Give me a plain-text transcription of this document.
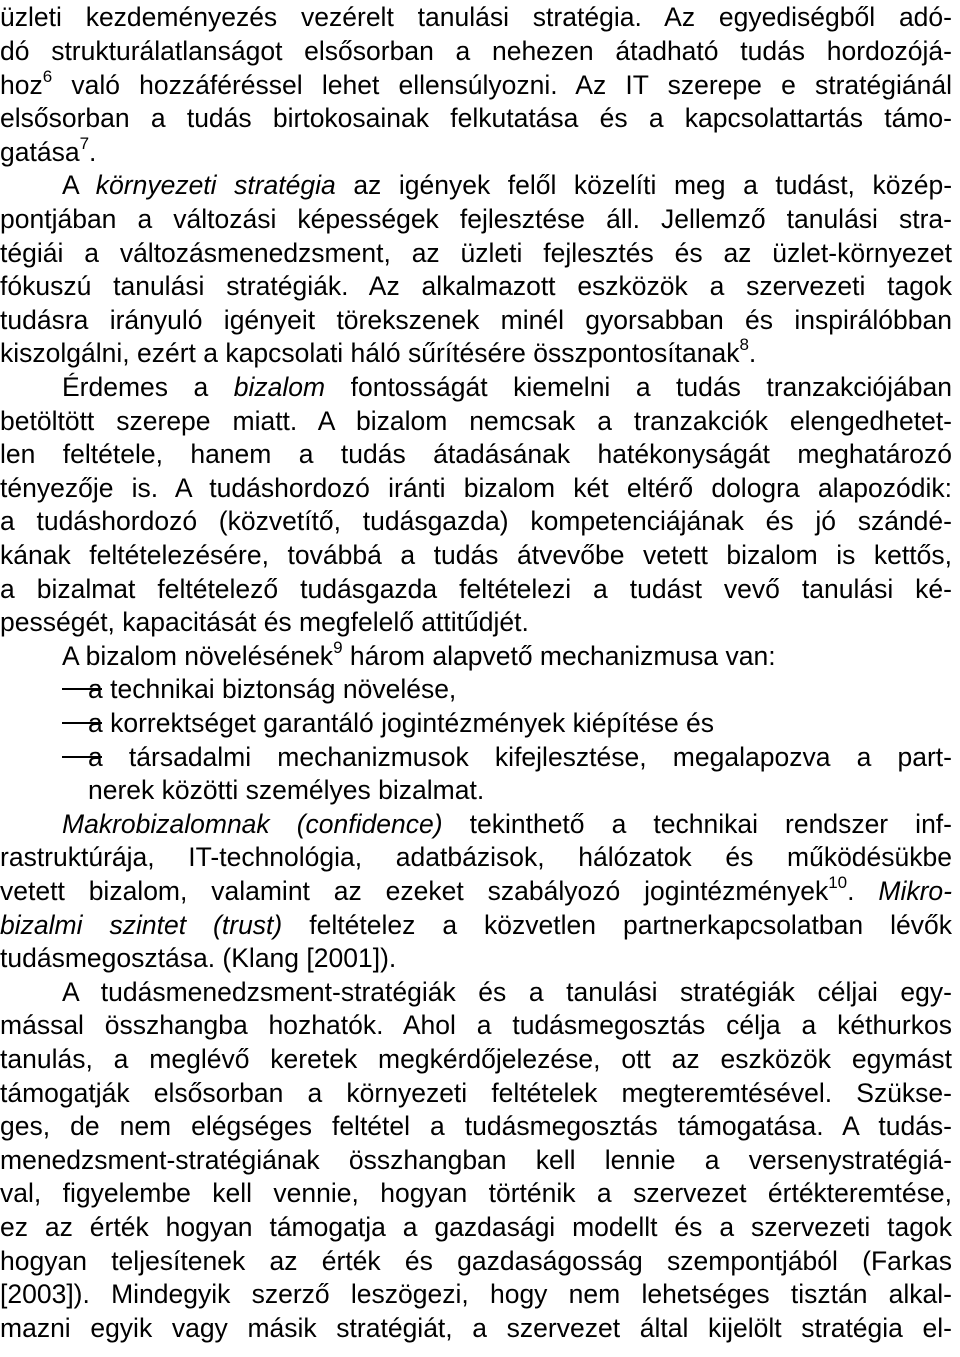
üzleti kezdeményezés vezérelt tanulási stratégia. Az egyediségből adó-
dó strukturálatlanságot elsősorban a nehezen átadható tudás hordozójá-
hoz$^6$ való hozzáféréssel lehet ellensúlyozni. Az IT szerepe e stratégiánál
elsősorban a tudás birtokosainak felkutatása és a kapcsolattartás támo-
gatása$^7$.
A környezeti stratégia az igények felől közelíti meg a tudást, közép-
pontjában a változási képességek fejlesztése áll. Jellemző tanulási stra-
tégiái a változásmenedzsment, az üzleti fejlesztés és az üzlet-környezet
fókuszú tanulási stratégiák. Az alkalmazott eszközök a szervezeti tagok
tudásra irányuló igényeit törekszenek minél gyorsabban és inspirálóbban
kiszolgálni, ezért a kapcsolati háló sűrítésére összpontosítanak$^8$.
Érdemes a bizalom fontosságát kiemelni a tudás tranzakciójában
betöltött szerepe miatt. A bizalom nemcsak a tranzakciók elengedhetet-
len feltétele, hanem a tudás átadásának hatékonyságát meghatározó
tényezője is. A tudáshordozó iránti bizalom két eltérő dologra alapozódik:
a tudáshordozó (közvetítő, tudásgazda) kompetenciájának és jó szándé-
kának feltételezésére, továbbá a tudás átvevőbe vetett bizalom is kettős,
a bizalmat feltételező tudásgazda feltételezi a tudást vevő tanulási ké-
pességét, kapacitását és megfelelő attitűdjét.
A bizalom növelésének$^9$ három alapvető mechanizmusa van:
a technikai biztonság növelése,
a korrektséget garantáló jogintézmények kiépítése és
a társadalmi mechanizmusok kifejlesztése, megalapozva a part-
nerek közötti személyes bizalmat.
Makrobizalomnak (confidence) tekinthető a technikai rendszer inf-
rastruktúrája, IT-technológia, adatbázisok, hálózatok és működésükbe
vetett bizalom, valamint az ezeket szabályozó jogintézmények$^{10}$. Mikro-
bizalmi szintet (trust) feltételez a közvetlen partnerkapcsolatban lévők
tudásmegosztása. (Klang [2001]).
A tudásmenedzsment-stratégiák és a tanulási stratégiák céljai egy-
mással összhangba hozhatók. Ahol a tudásmegosztás célja a kéthurkos
tanulás, a meglévő keretek megkérdőjelezése, ott az eszközök egymást
támogatják elsősorban a környezeti feltételek megteremtésével. Szükse-
ges, de nem elégséges feltétel a tudásmegosztás támogatása. A tudás-
menedzsment-stratégiának összhangban kell lennie a versenystratégiá-
val, figyelembe kell vennie, hogyan történik a szervezet értékteremtése,
ez az érték hogyan támogatja a gazdasági modellt és a szervezeti tagok
hogyan teljesítenek az érték és gazdaságosság szempontjából (Farkas
[2003]). Mindegyik szerző leszögezi, hogy nem lehetséges tisztán alkal-
mazni egyik vagy másik stratégiát, a szervezet által kijelölt stratégia el-
